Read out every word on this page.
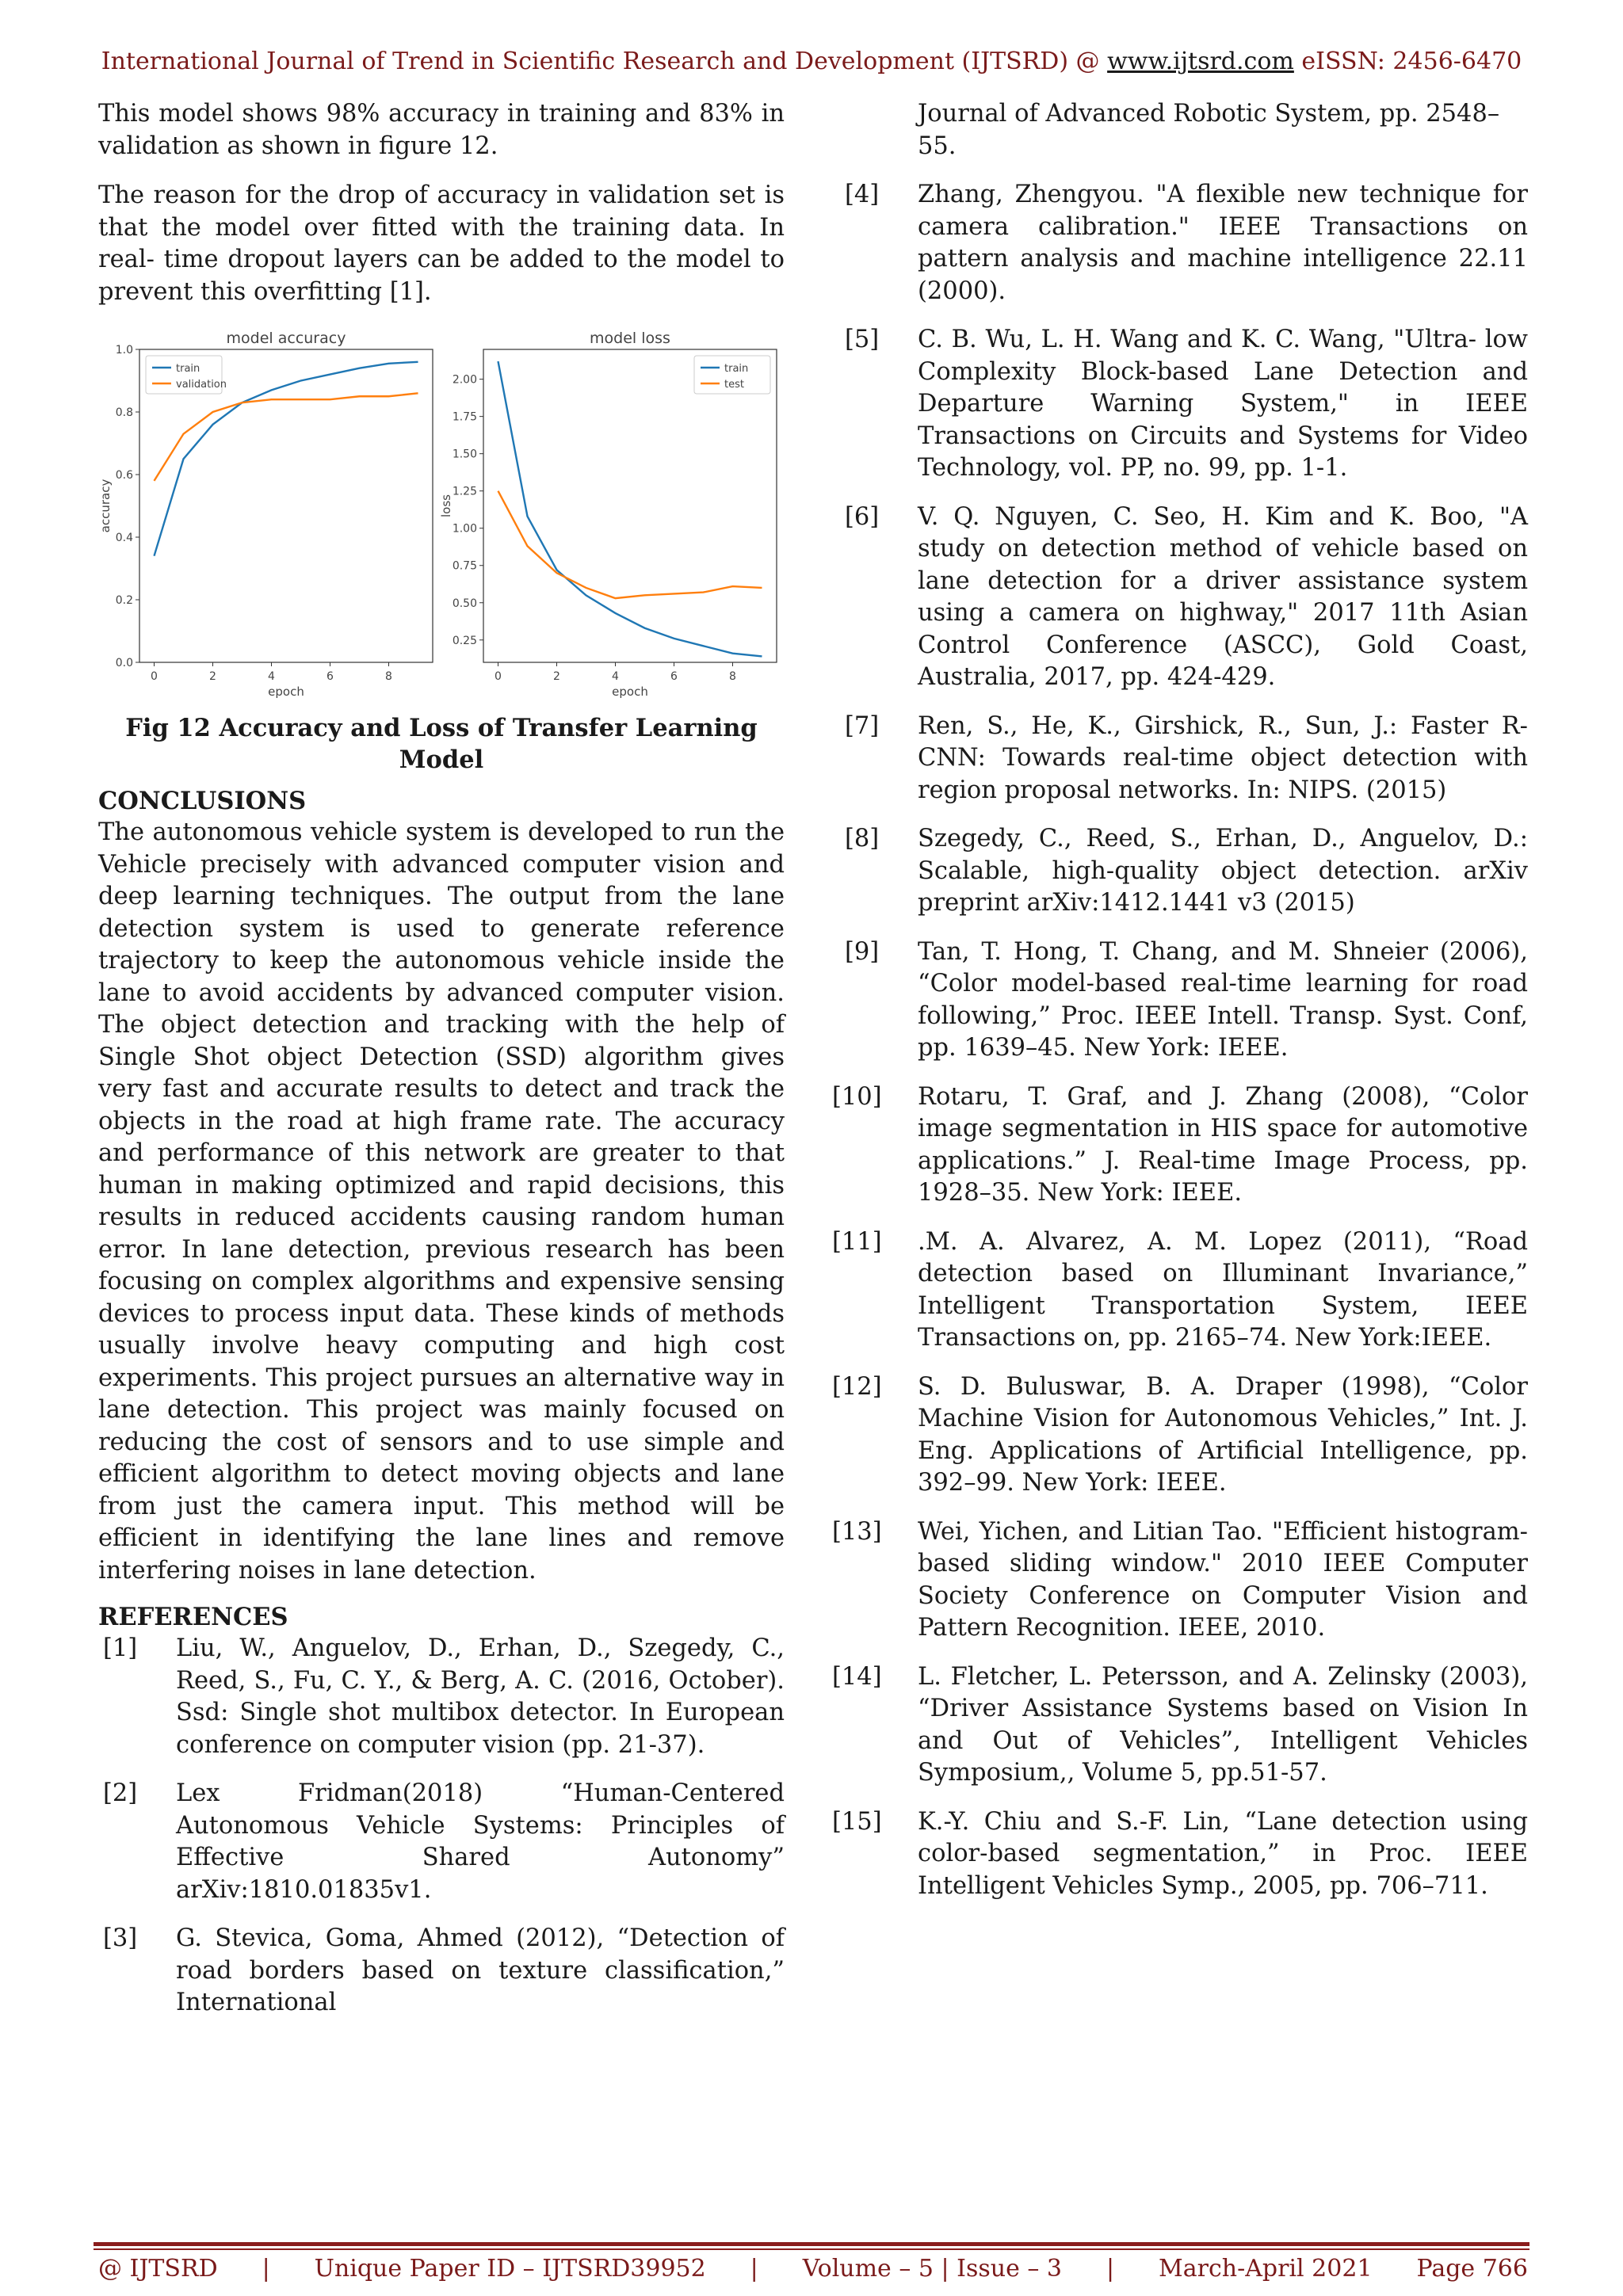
International Journal of Trend in Scientific Research and Development (IJTSRD) @ www.ijtsrd.com eISSN: 2456-6470

This model shows 98% accuracy in training and 83% in validation as shown in figure 12.

The reason for the drop of accuracy in validation set is that the model over fitted with the training data. In real- time dropout layers can be added to the model to prevent this overfitting [1].

model accuracy
0	2	4	6	8
0.0
0.2
0.4
0.6
0.8
1.0
epoch
accuracy
train
validation
model loss
0	2	4	6	8
0.25
0.50
0.75
1.00
1.25
1.50
1.75
2.00
epoch
loss
train
test
Fig 12 Accuracy and Loss of Transfer Learning Model
CONCLUSIONS

The autonomous vehicle system is developed to run the Vehicle precisely with advanced computer vision and deep learning techniques. The output from the lane detection system is used to generate reference trajectory to keep the autonomous vehicle inside the lane to avoid accidents by advanced computer vision. The object detection and tracking with the help of Single Shot object Detection (SSD) algorithm gives very fast and accurate results to detect and track the objects in the road at high frame rate. The accuracy and performance of this network are greater to that human in making optimized and rapid decisions, this results in reduced accidents causing random human error. In lane detection, previous research has been focusing on complex algorithms and expensive sensing devices to process input data. These kinds of methods usually involve heavy computing and high cost experiments. This project pursues an alternative way in lane detection. This project was mainly focused on reducing the cost of sensors and to use simple and efficient algorithm to detect moving objects and lane from just the camera input. This method will be efficient in identifying the lane lines and remove interfering noises in lane detection.

REFERENCES
[1]	Liu, W., Anguelov, D., Erhan, D., Szegedy, C., Reed, S., Fu, C. Y., & Berg, A. C. (2016, October). Ssd: Single shot multibox detector. In European conference on computer vision (pp. 21-37).
[2]	Lex Fridman(2018) “Human-Centered Autonomous Vehicle Systems: Principles of Effective Shared Autonomy” arXiv:1810.01835v1.
[3]	G. Stevica, Goma, Ahmed (2012), “Detection of road borders based on texture classification,” International
Journal of Advanced Robotic System, pp. 2548–55.
[4]	Zhang, Zhengyou. "A flexible new technique for camera calibration." IEEE Transactions on pattern analysis and machine intelligence 22.11 (2000).
[5]	C. B. Wu, L. H. Wang and K. C. Wang, "Ultra- low Complexity Block-based Lane Detection and Departure Warning System," in IEEE Transactions on Circuits and Systems for Video Technology, vol. PP, no. 99, pp. 1-1.
[6]	V. Q. Nguyen, C. Seo, H. Kim and K. Boo, "A study on detection method of vehicle based on lane detection for a driver assistance system using a camera on highway," 2017 11th Asian Control Conference (ASCC), Gold Coast, Australia, 2017, pp. 424-429.
[7]	Ren, S., He, K., Girshick, R., Sun, J.: Faster R- CNN: Towards real-time object detection with region proposal networks. In: NIPS. (2015)
[8]	Szegedy, C., Reed, S., Erhan, D., Anguelov, D.: Scalable, high-quality object detection. arXiv preprint arXiv:1412.1441 v3 (2015)
[9]	Tan, T. Hong, T. Chang, and M. Shneier (2006), “Color model-based real-time learning for road following,” Proc. IEEE Intell. Transp. Syst. Conf, pp. 1639–45. New York: IEEE.
[10]	Rotaru, T. Graf, and J. Zhang (2008), “Color image segmentation in HIS space for automotive applications.” J. Real-time Image Process, pp. 1928–35. New York: IEEE.
[11]	.M. A. Alvarez, A. M. Lopez (2011), “Road detection based on Illuminant Invariance,” Intelligent Transportation System, IEEE Transactions on, pp. 2165–74. New York:IEEE.
[12]	S. D. Buluswar, B. A. Draper (1998), “Color Machine Vision for Autonomous Vehicles,” Int. J. Eng. Applications of Artificial Intelligence, pp. 392–99. New York: IEEE.
[13]	Wei, Yichen, and Litian Tao. "Efficient histogram-based sliding window." 2010 IEEE Computer Society Conference on Computer Vision and Pattern Recognition. IEEE, 2010.
[14]	L. Fletcher, L. Petersson, and A. Zelinsky (2003), “Driver Assistance Systems based on Vision In and Out of Vehicles”, Intelligent Vehicles Symposium,, Volume 5, pp.51-57.
[15]	K.-Y. Chiu and S.-F. Lin, “Lane detection using color-based segmentation,” in Proc. IEEE Intelligent Vehicles Symp., 2005, pp. 706–711.
@ IJTSRD | Unique Paper ID – IJTSRD39952 | Volume – 5 | Issue – 3 | March-April 2021 Page 766
